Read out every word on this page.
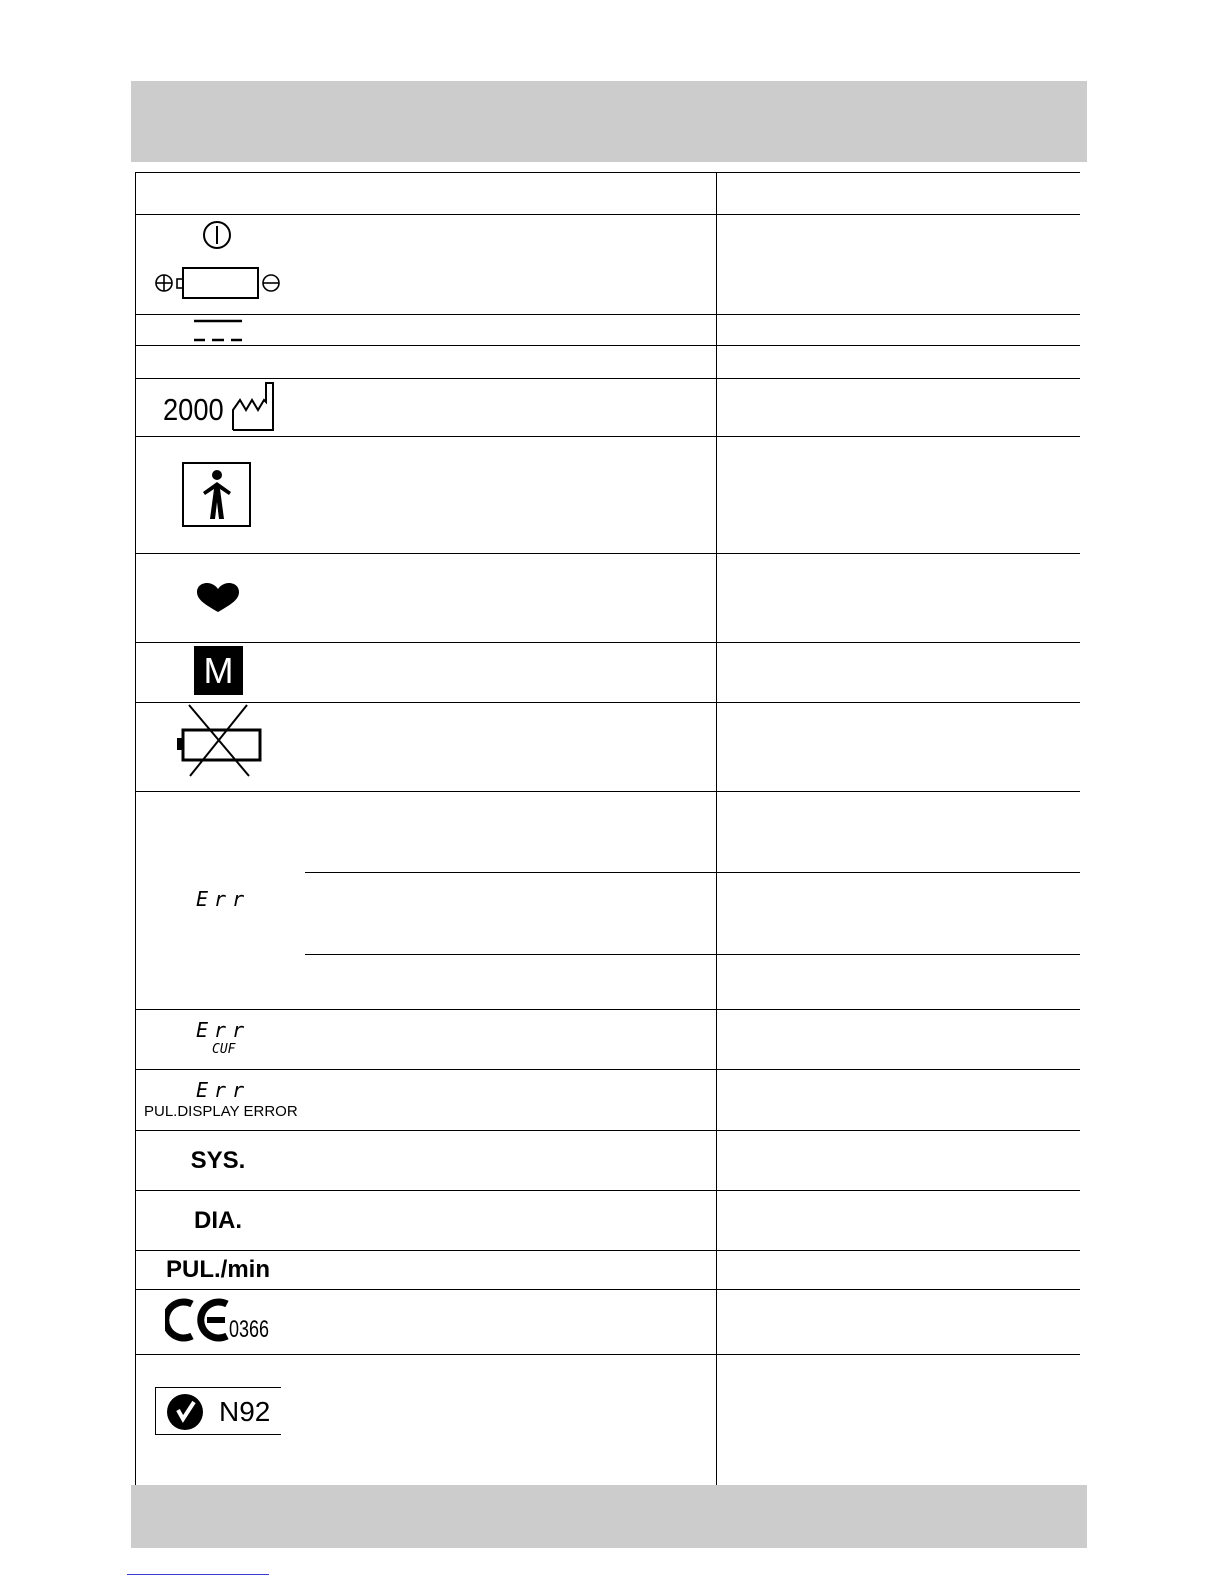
2000
M
Err
Err
CUF
Err
PUL.DISPLAY ERROR
SYS.
DIA.
PUL./min
0366
N92
